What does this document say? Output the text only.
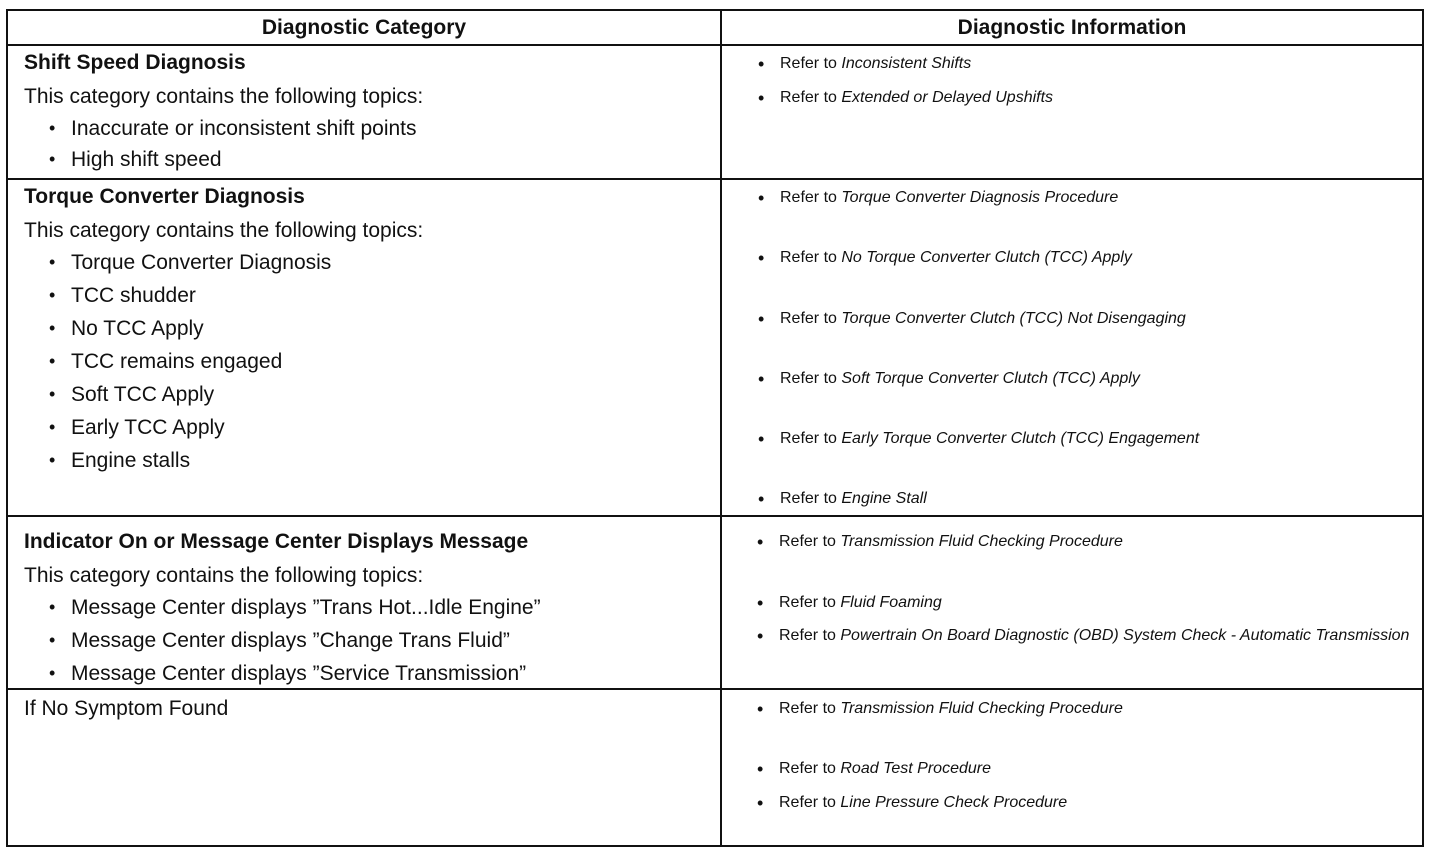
Diagnostic Category	Diagnostic Information

Shift Speed Diagnosis

This category contains the following topics:

• Inaccurate or inconsistent shift points
• High shift speed
• Refer to Inconsistent Shifts
• Refer to Extended or Delayed Upshifts

Torque Converter Diagnosis

This category contains the following topics:

• Torque Converter Diagnosis
• TCC shudder
• No TCC Apply
• TCC remains engaged
• Soft TCC Apply
• Early TCC Apply
• Engine stalls
• Refer to Torque Converter Diagnosis Procedure
• Refer to No Torque Converter Clutch (TCC) Apply
• Refer to Torque Converter Clutch (TCC) Not Disengaging
• Refer to Soft Torque Converter Clutch (TCC) Apply
• Refer to Early Torque Converter Clutch (TCC) Engagement
• Refer to Engine Stall

Indicator On or Message Center Displays Message

This category contains the following topics:

• Message Center displays ”Trans Hot...Idle Engine”
• Message Center displays ”Change Trans Fluid”
• Message Center displays ”Service Transmission”
• Refer to Transmission Fluid Checking Procedure
• Refer to Fluid Foaming
• Refer to Powertrain On Board Diagnostic (OBD) System Check - Automatic Transmission

If No Symptom Found	• Refer to Transmission Fluid Checking Procedure
• Refer to Road Test Procedure
• Refer to Line Pressure Check Procedure
